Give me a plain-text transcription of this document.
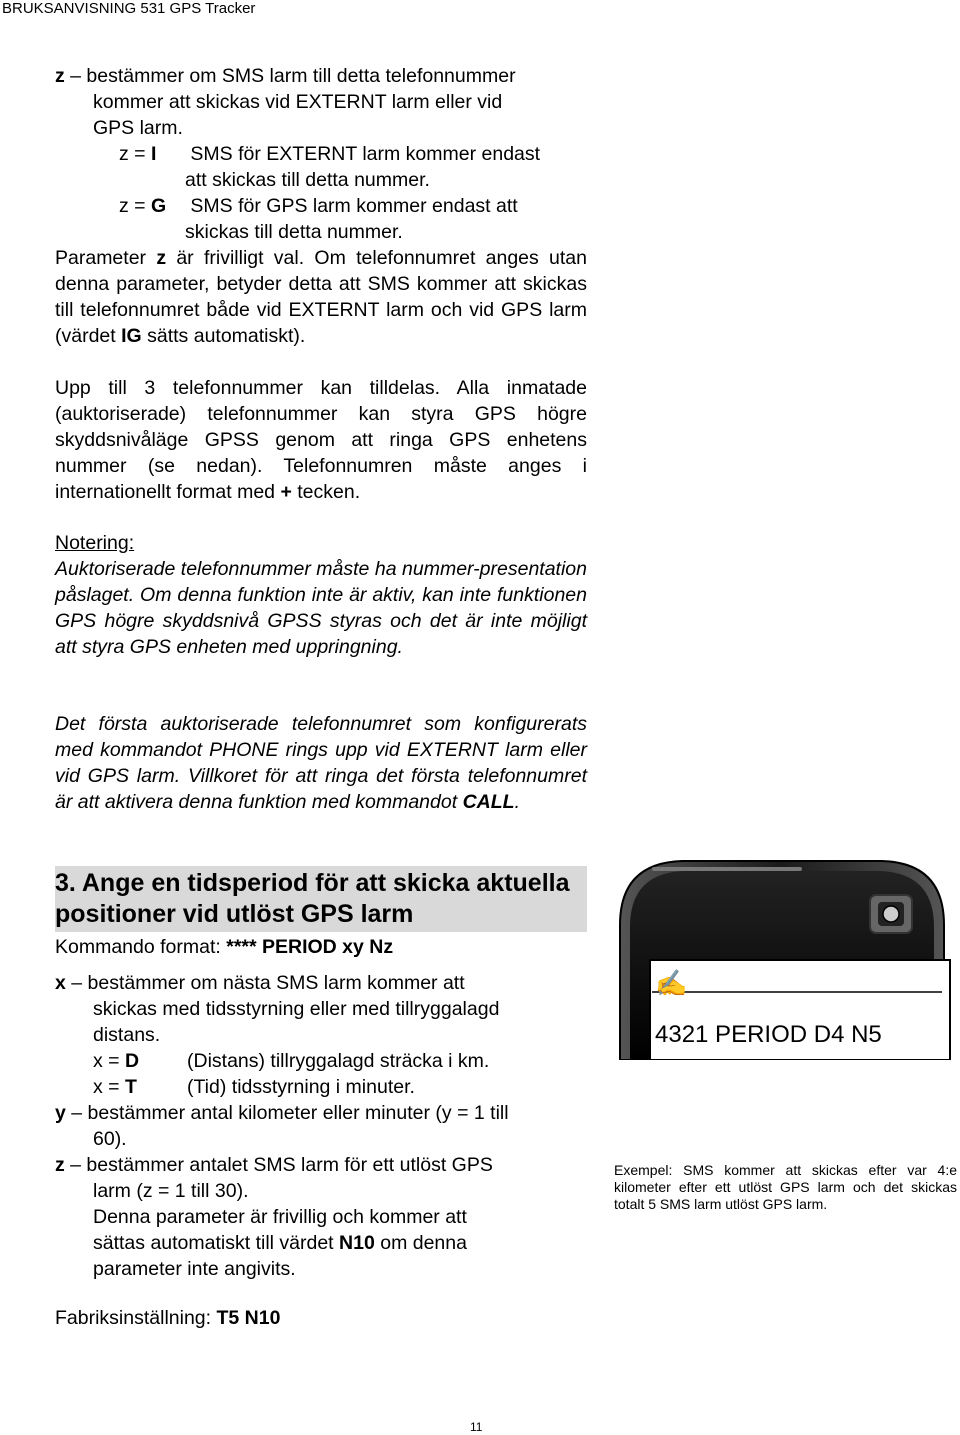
BRUKSANVISNING 531 GPS Tracker

z – bestämmer om SMS larm till detta telefonnummer

kommer att skickas vid EXTERNT larm eller vid

GPS larm.

z = I SMS för EXTERNT larm kommer endast

att skickas till detta nummer.

z = G SMS för GPS larm kommer endast att

skickas till detta nummer.

Parameter z är frivilligt val. Om telefonnumret anges utan denna parameter, betyder detta att SMS kommer att skickas till telefonnumret både vid EXTERNT larm och vid GPS larm (värdet IG sätts automatiskt).

Upp till 3 telefonnummer kan tilldelas. Alla inmatade (auktoriserade) telefonnummer kan styra GPS högre skyddsnivåläge GPSS genom att ringa GPS enhetens nummer (se nedan). Telefonnumren måste anges i internationellt format med + tecken.
Notering:
Auktoriserade telefonnummer måste ha nummer-presentation påslaget. Om denna funktion inte är aktiv, kan inte funktionen GPS högre skyddsnivå GPSS styras och det är inte möjligt att styra GPS enheten med uppringning.
Det första auktoriserade telefonnumret som konfigurerats med kommandot PHONE rings upp vid EXTERNT larm eller vid GPS larm. Villkoret för att ringa det första telefonnumret är att aktivera denna funktion med kommandot CALL.
3. Ange en tidsperiod för att skicka aktuella positioner vid utlöst GPS larm

Kommando format: **** PERIOD xy Nz

x – bestämmer om nästa SMS larm kommer att

skickas med tidsstyrning eller med tillryggalagd

distans.

x = D (Distans) tillryggalagd sträcka i km.

x = T	(Tid) tidsstyrning i minuter.

y – bestämmer antal kilometer eller minuter (y = 1 till

60).

z – bestämmer antalet SMS larm för ett utlöst GPS

larm (z = 1 till 30).

Denna parameter är frivillig och kommer att

sättas automatiskt till värdet N10 om denna

parameter inte angivits.

Fabriksinställning: T5 N10
✍
4321 PERIOD D4 N5
Exempel: SMS kommer att skickas efter var 4:e kilometer efter ett utlöst GPS larm och det skickas totalt 5 SMS larm utlöst GPS larm.
11
